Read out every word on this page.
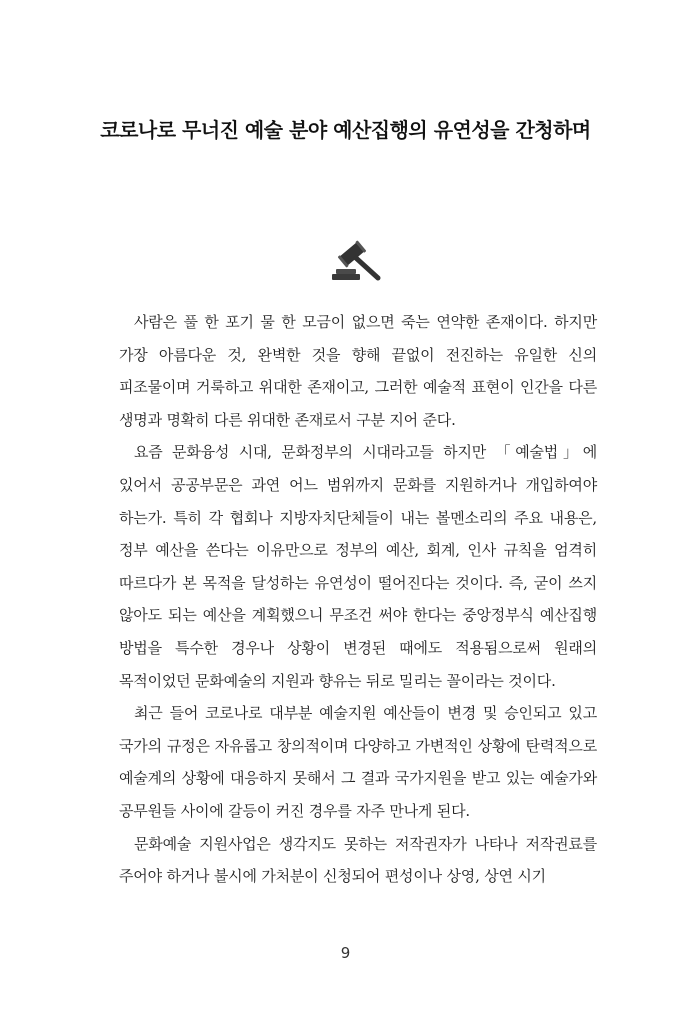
코로나로 무너진 예술 분야 예산집행의 유연성을 간청하며

사람은 풀 한 포기 물 한 모금이 없으면 죽는 연약한 존재이다. 하지만 가장 아름다운 것, 완벽한 것을 향해 끝없이 전진하는 유일한 신의 피조물이며 거룩하고 위대한 존재이고, 그러한 예술적 표현이 인간을 다른 생명과 명확히 다른 위대한 존재로서 구분 지어 준다.

요즘 문화융성 시대, 문화정부의 시대라고들 하지만 「예술법」에 있어서 공공부문은 과연 어느 범위까지 문화를 지원하거나 개입하여야 하는가. 특히 각 협회나 지방자치단체들이 내는 볼멘소리의 주요 내용은, 정부 예산을 쓴다는 이유만으로 정부의 예산, 회계, 인사 규칙을 엄격히 따르다가 본 목적을 달성하는 유연성이 떨어진다는 것이다. 즉, 굳이 쓰지 않아도 되는 예산을 계획했으니 무조건 써야 한다는 중앙정부식 예산집행 방법을 특수한 경우나 상황이 변경된 때에도 적용됨으로써 원래의 목적이었던 문화예술의 지원과 향유는 뒤로 밀리는 꼴이라는 것이다.

최근 들어 코로나로 대부분 예술지원 예산들이 변경 및 승인되고 있고 국가의 규정은 자유롭고 창의적이며 다양하고 가변적인 상황에 탄력적으로 예술계의 상황에 대응하지 못해서 그 결과 국가지원을 받고 있는 예술가와 공무원들 사이에 갈등이 커진 경우를 자주 만나게 된다.

문화예술 지원사업은 생각지도 못하는 저작권자가 나타나 저작권료를 주어야 하거나 불시에 가처분이 신청되어 편성이나 상영, 상연 시기

9
